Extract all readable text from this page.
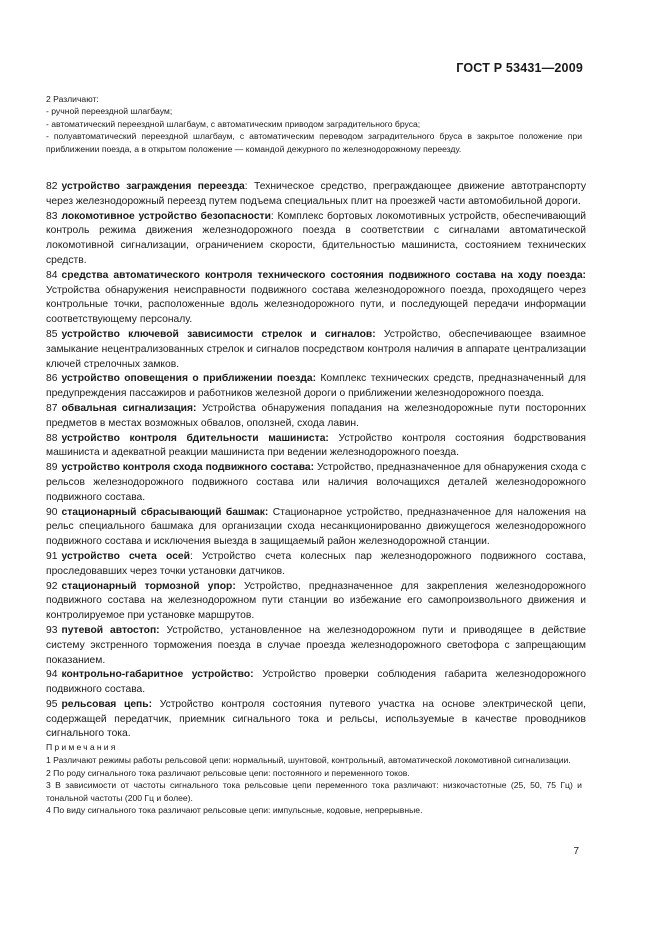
ГОСТ Р 53431—2009

2 Различают:

- ручной переездной шлагбаум;

- автоматический переездной шлагбаум, с автоматическим приводом заградительного бруса;

- полуавтоматический переездной шлагбаум, с автоматическим переводом заградительного бруса в закрытое положение при приближении поезда, а в открытом положение — командой дежурного по железнодорожному переезду.

82 устройство заграждения переезда: Техническое средство, преграждающее движение автотранспорту через железнодорожный переезд путем подъема специальных плит на проезжей части автомобильной дороги.

83 локомотивное устройство безопасности: Комплекс бортовых локомотивных устройств, обеспечивающий контроль режима движения железнодорожного поезда в соответствии с сигналами автоматической локомотивной сигнализации, ограничением скорости, бдительностью машиниста, состоянием технических средств.

84 средства автоматического контроля технического состояния подвижного состава на ходу поезда: Устройства обнаружения неисправности подвижного состава железнодорожного поезда, проходящего через контрольные точки, расположенные вдоль железнодорожного пути, и последующей передачи информации соответствующему персоналу.

85 устройство ключевой зависимости стрелок и сигналов: Устройство, обеспечивающее взаимное замыкание нецентрализованных стрелок и сигналов посредством контроля наличия в аппарате централизации ключей стрелочных замков.

86 устройство оповещения о приближении поезда: Комплекс технических средств, предназначенный для предупреждения пассажиров и работников железной дороги о приближении железнодорожного поезда.

87 обвальная сигнализация: Устройства обнаружения попадания на железнодорожные пути посторонних предметов в местах возможных обвалов, оползней, схода лавин.

88 устройство контроля бдительности машиниста: Устройство контроля состояния бодрствования машиниста и адекватной реакции машиниста при ведении железнодорожного поезда.

89 устройство контроля схода подвижного состава: Устройство, предназначенное для обнаружения схода с рельсов железнодорожного подвижного состава или наличия волочащихся деталей железнодорожного подвижного состава.

90 стационарный сбрасывающий башмак: Стационарное устройство, предназначенное для наложения на рельс специального башмака для организации схода несанкционированно движущегося железнодорожного подвижного состава и исключения выезда в защищаемый район железнодорожной станции.

91 устройство счета осей: Устройство счета колесных пар железнодорожного подвижного состава, проследовавших через точки установки датчиков.

92 стационарный тормозной упор: Устройство, предназначенное для закрепления железнодорожного подвижного состава на железнодорожном пути станции во избежание его самопроизвольного движения и контролируемое при установке маршрутов.

93 путевой автостоп: Устройство, установленное на железнодорожном пути и приводящее в действие систему экстренного торможения поезда в случае проезда железнодорожного светофора с запрещающим показанием.

94 контрольно-габаритное устройство: Устройство проверки соблюдения габарита железнодорожного подвижного состава.

95 рельсовая цепь: Устройство контроля состояния путевого участка на основе электрической цепи, содержащей передатчик, приемник сигнального тока и рельсы, используемые в качестве проводников сигнального тока.

Примечания

1 Различают режимы работы рельсовой цепи: нормальный, шунтовой, контрольный, автоматической локомотивной сигнализации.

2 По роду сигнального тока различают рельсовые цепи: постоянного и переменного токов.

3 В зависимости от частоты сигнального тока рельсовые цепи переменного тока различают: низкочастотные (25, 50, 75 Гц) и тональной частоты (200 Гц и более).

4 По виду сигнального тока различают рельсовые цепи: импульсные, кодовые, непрерывные.

7
